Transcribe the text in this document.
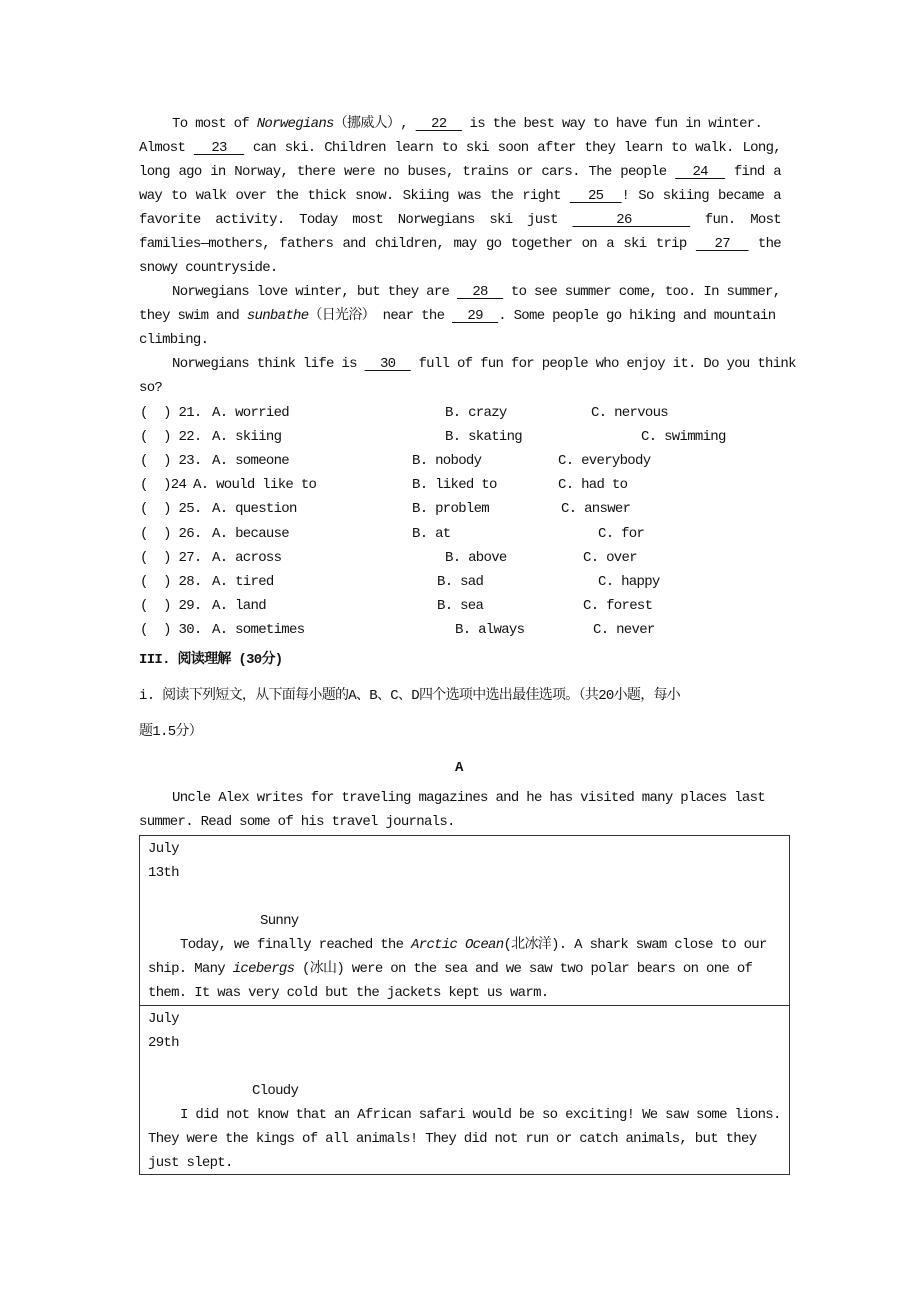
To most of Norwegians（挪威人）,   22   is the best way to have fun in winter.
Almost   23   can ski. Children learn to ski soon after they learn to walk. Long,
long ago in Norway, there were no buses, trains or cars. The people   24   find a
way to walk over the thick snow. Skiing was the right   25  ! So skiing became a
favorite activity. Today most Norwegians ski just    26     fun. Most
families—mothers, fathers and children, may go together on a ski trip   27   the
snowy countryside.
Norwegians love winter, but they are   28   to see summer come, too. In summer,
they swim and sunbathe（日光浴） near the   29  . Some people go hiking and mountain
climbing.
Norwegians think life is   30   full of fun for people who enjoy it. Do you think
so?
(  ) 21. A. worried	B. crazy	C. nervous
(  ) 22. A. skiing	B. skating	C. swimming
(  ) 23. A. someone	B. nobody	C. everybody
(  )24 A. would like to	B. liked to	C. had to
(  ) 25. A. question	B. problem	C. answer
(  ) 26. A. because	B. at	C. for
(  ) 27. A. across	B. above	C. over
(  ) 28. A. tired	B. sad	C. happy
(  ) 29. A. land	B. sea	C. forest
(  ) 30. A. sometimes	B. always	C. never
III. 阅读理解 (30分)
i. 阅读下列短文，从下面每小题的A、B、C、D四个选项中选出最佳选项。（共20小题，每小
题1.5分）
A
Uncle Alex writes for traveling magazines and he has visited many places last
summer. Read some of his travel journals.
July
13th
Sunny
Today, we finally reached the Arctic Ocean(北冰洋). A shark swam close to our
ship. Many icebergs (冰山) were on the sea and we saw two polar bears on one of
them. It was very cold but the jackets kept us warm.
July
29th
Cloudy
I did not know that an African safari would be so exciting! We saw some lions.
They were the kings of all animals! They did not run or catch animals, but they
just slept.
